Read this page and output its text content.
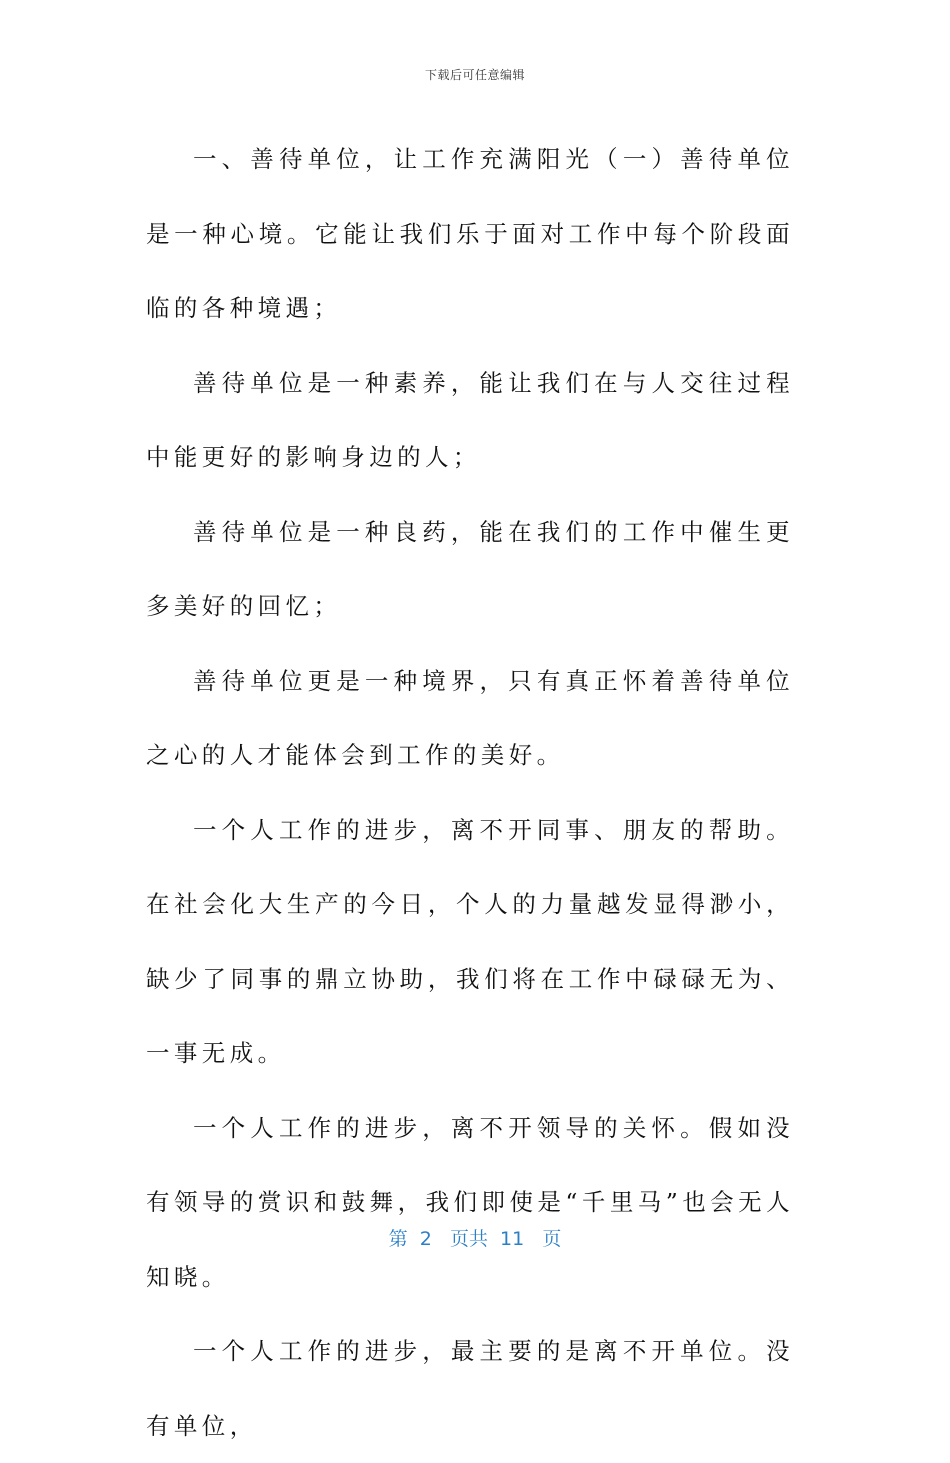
下载后可任意编辑

一、善待单位，让工作充满阳光（一）善待单位是一种心境。它能让我们乐于面对工作中每个阶段面临的各种境遇；

善待单位是一种素养，能让我们在与人交往过程中能更好的影响身边的人；

善待单位是一种良药，能在我们的工作中催生更多美好的回忆；

善待单位更是一种境界，只有真正怀着善待单位之心的人才能体会到工作的美好。

一个人工作的进步，离不开同事、朋友的帮助。在社会化大生产的今日，个人的力量越发显得渺小，缺少了同事的鼎立协助，我们将在工作中碌碌无为、一事无成。

一个人工作的进步，离不开领导的关怀。假如没有领导的赏识和鼓舞，我们即使是“千里马”也会无人知晓。

一个人工作的进步，最主要的是离不开单位。没有单位，

第 2 页共 11 页
